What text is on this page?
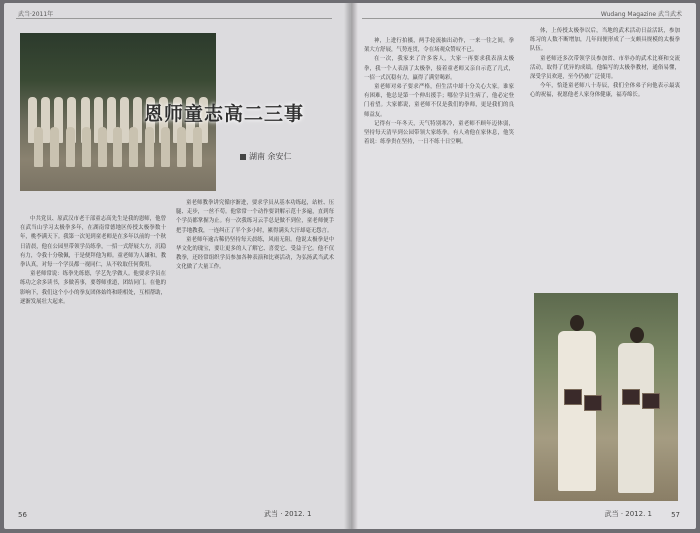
武当·2011年
恩师童志高二三事
湖南 余安仁

中共党员、原武汉市老干部童志高先生是我的恩师，他曾在武当山学习太极拳多年，在湖南常德地区传授太极拳数十年，桃李满天下。我第一次见到童老师是在多年以前的一个秋日清晨，他在公园里带领学员练拳，一招一式舒展大方，沉稳有力，令我十分敬佩，于是便拜他为师。童老师为人谦和，教拳认真，对每一个学员都一视同仁，从不收取任何费用。

童老师常说：练拳先练德，学艺先学做人。他要求学员在练功之余多读书，多做善事，要尊师重道，团结同门。在他的影响下，我们这个小小的拳友团体始终和睦相处，互相帮助，逐渐发展壮大起来。

童老师教拳讲究循序渐进，要求学员从基本功练起，站桩、压腿、走步，一丝不苟。他常常一个动作要讲解示范十多遍，直到每个学员都掌握为止。有一次我练习云手总是做不到位，童老师便手把手地教我，一连纠正了半个多小时，累得满头大汗却毫无怨言。

童老师年逾古稀仍坚持每天晨练，风雨无阻。他说太极拳是中华文化的瑰宝，要让更多的人了解它、喜爱它、受益于它。他不仅教拳，还经常组织学员参加各种表演和比赛活动，为弘扬武当武术文化做了大量工作。

56	武当 · 2012. 1
Wudang Magazine 武当武术

神，上进行拍摄，两手轮流抽出动作，一来一往之间，拳架大方舒展，气势连贯，令在场观众赞叹不已。

在一次，我家来了许多客人，大家一再要求我表演太极拳，我一个人表演了太极拳，接着童老师又亲自示范了几式，一招一式沉稳有力，赢得了满堂喝彩。

童老师对弟子要求严格，但生活中却十分关心大家。谁家有困难，他总是第一个伸出援手；哪位学员生病了，他必定登门看望。大家都说，童老师不仅是我们的拳师，更是我们的良师益友。

记得有一年冬天，天气特别寒冷，童老师不顾年迈体弱，坚持每天清早到公园带领大家练拳。有人劝他在家休息，他笑着说：练拳贵在坚持，一日不练十日空啊。

体，上传授太极拳以后，当地的武术活动日益活跃，参加练习的人数不断增加，几年间便形成了一支颇具规模的太极拳队伍。

童老师还多次带领学员参加省、市举办的武术比赛和交流活动，取得了优异的成绩。他编写的太极拳教材，通俗易懂，深受学员欢迎，至今仍被广泛使用。

今年，恰逢童老师八十寿辰，我们全体弟子向他表示最衷心的祝福，祝愿他老人家身体健康，福寿绵长。

武当 · 2012. 1	57
